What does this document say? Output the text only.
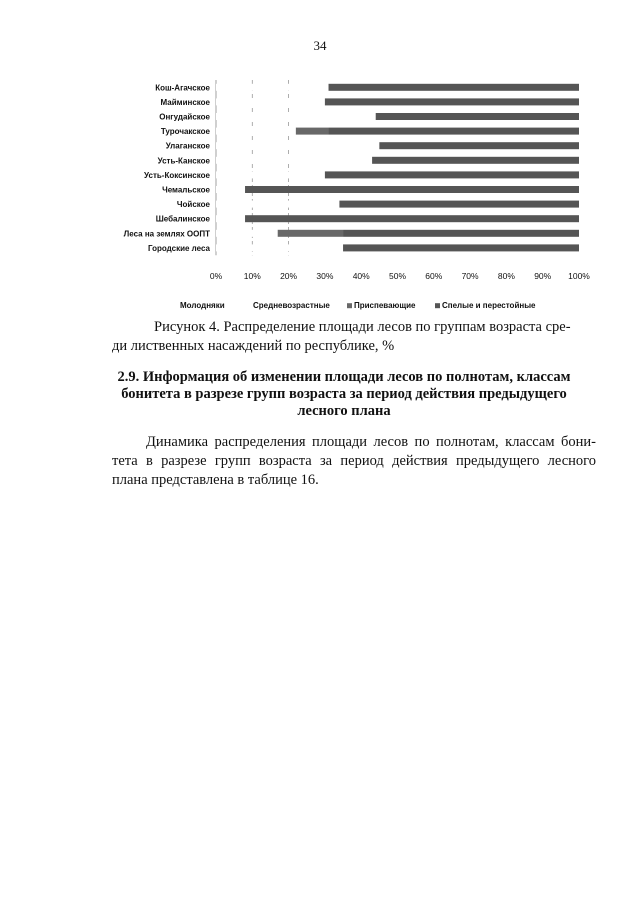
34
Кош-Агачское
Майминское
Онгудайское
Турочакское
Улаганское
Усть-Канское
Усть-Коксинское
Чемальское
Чойское
Шебалинское
Леса на землях ООПТ
Городские леса
0%	10% 20% 30% 40% 50% 60% 70% 80% 90% 100%
Молодняки	Средневозрастные	Приспевающие	Спелые и перестойные
Рисунок 4. Распределение площади лесов по группам возраста сре-
ди лиственных насаждений по республике, %
2.9. Информация об изменении площади лесов по полнотам, классам
бонитета в разрезе групп возраста за период действия предыдущего
лесного плана
Динамика распределения площади лесов по полнотам, классам бони-
тета в разрезе групп возраста за период действия предыдущего лесного
плана представлена в таблице 16.
